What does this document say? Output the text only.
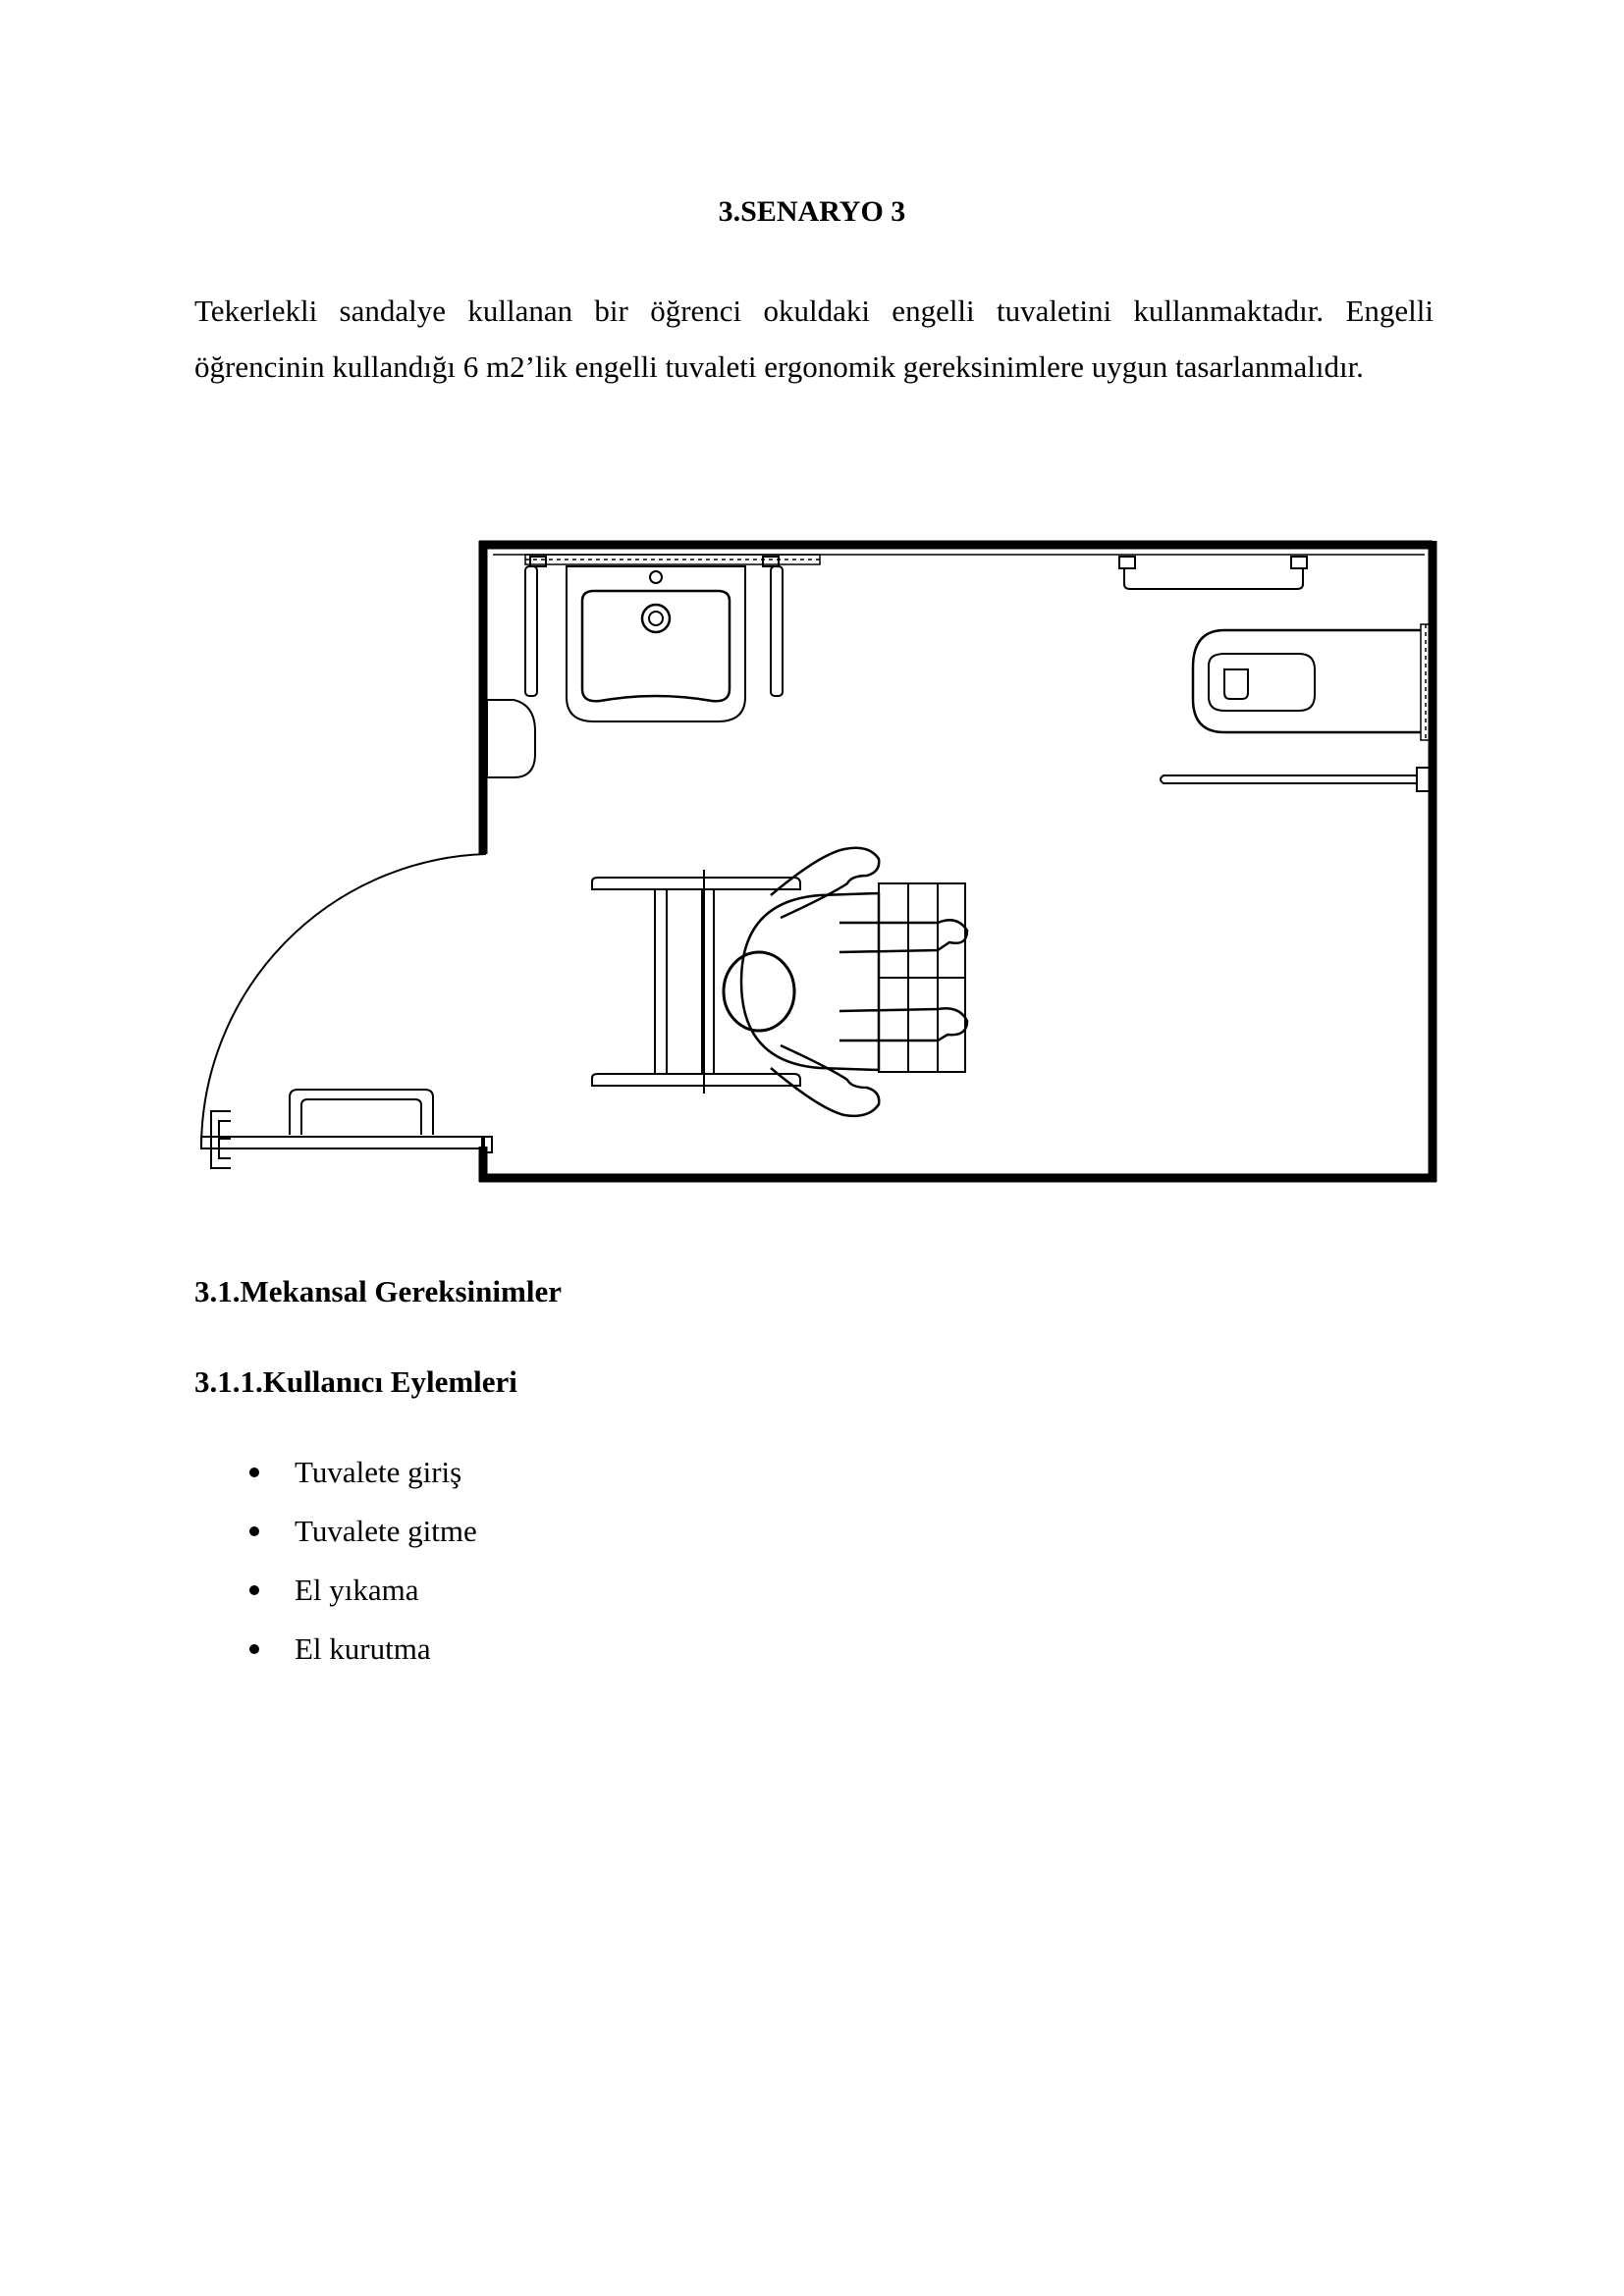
3.SENARYO 3

Tekerlekli sandalye kullanan bir öğrenci okuldaki engelli tuvaletini kullanmaktadır. Engelli öğrencinin kullandığı 6 m2’lik engelli tuvaleti ergonomik gereksinimlere uygun tasarlanmalıdır.

3.1.Mekansal Gereksinimler
3.1.1.Kullanıcı Eylemleri
Tuvalete giriş
Tuvalete gitme
El yıkama
El kurutma
